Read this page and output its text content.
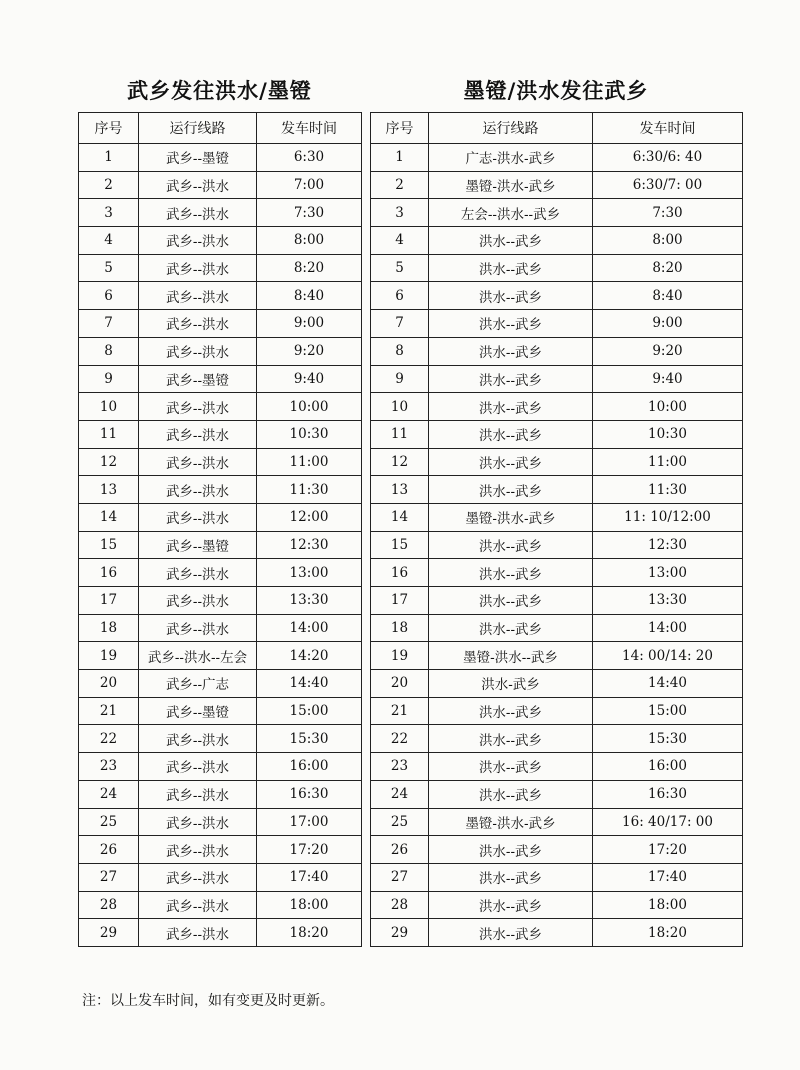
武乡发往洪水/墨镫	墨镫/洪水发往武乡
序号	运行线路	发车时间
1	武乡--墨镫	6:30
2	武乡--洪水	7:00
3	武乡--洪水	7:30
4	武乡--洪水	8:00
5	武乡--洪水	8:20
6	武乡--洪水	8:40
7	武乡--洪水	9:00
8	武乡--洪水	9:20
9	武乡--墨镫	9:40
10	武乡--洪水	10:00
11	武乡--洪水	10:30
12	武乡--洪水	11:00
13	武乡--洪水	11:30
14	武乡--洪水	12:00
15	武乡--墨镫	12:30
16	武乡--洪水	13:00
17	武乡--洪水	13:30
18	武乡--洪水	14:00
19	武乡--洪水--左会	14:20
20	武乡--广志	14:40
21	武乡--墨镫	15:00
22	武乡--洪水	15:30
23	武乡--洪水	16:00
24	武乡--洪水	16:30
25	武乡--洪水	17:00
26	武乡--洪水	17:20
27	武乡--洪水	17:40
28	武乡--洪水	18:00
29	武乡--洪水	18:20
序号	运行线路	发车时间
1	广志-洪水-武乡	6:30/6: 40
2	墨镫-洪水-武乡	6:30/7: 00
3	左会--洪水--武乡	7:30
4	洪水--武乡	8:00
5	洪水--武乡	8:20
6	洪水--武乡	8:40
7	洪水--武乡	9:00
8	洪水--武乡	9:20
9	洪水--武乡	9:40
10	洪水--武乡	10:00
11	洪水--武乡	10:30
12	洪水--武乡	11:00
13	洪水--武乡	11:30
14	墨镫-洪水-武乡	11: 10/12:00
15	洪水--武乡	12:30
16	洪水--武乡	13:00
17	洪水--武乡	13:30
18	洪水--武乡	14:00
19	墨镫-洪水--武乡	14: 00/14: 20
20	洪水-武乡	14:40
21	洪水--武乡	15:00
22	洪水--武乡	15:30
23	洪水--武乡	16:00
24	洪水--武乡	16:30
25	墨镫-洪水-武乡	16: 40/17: 00
26	洪水--武乡	17:20
27	洪水--武乡	17:40
28	洪水--武乡	18:00
29	洪水--武乡	18:20
注：以上发车时间，如有变更及时更新。
